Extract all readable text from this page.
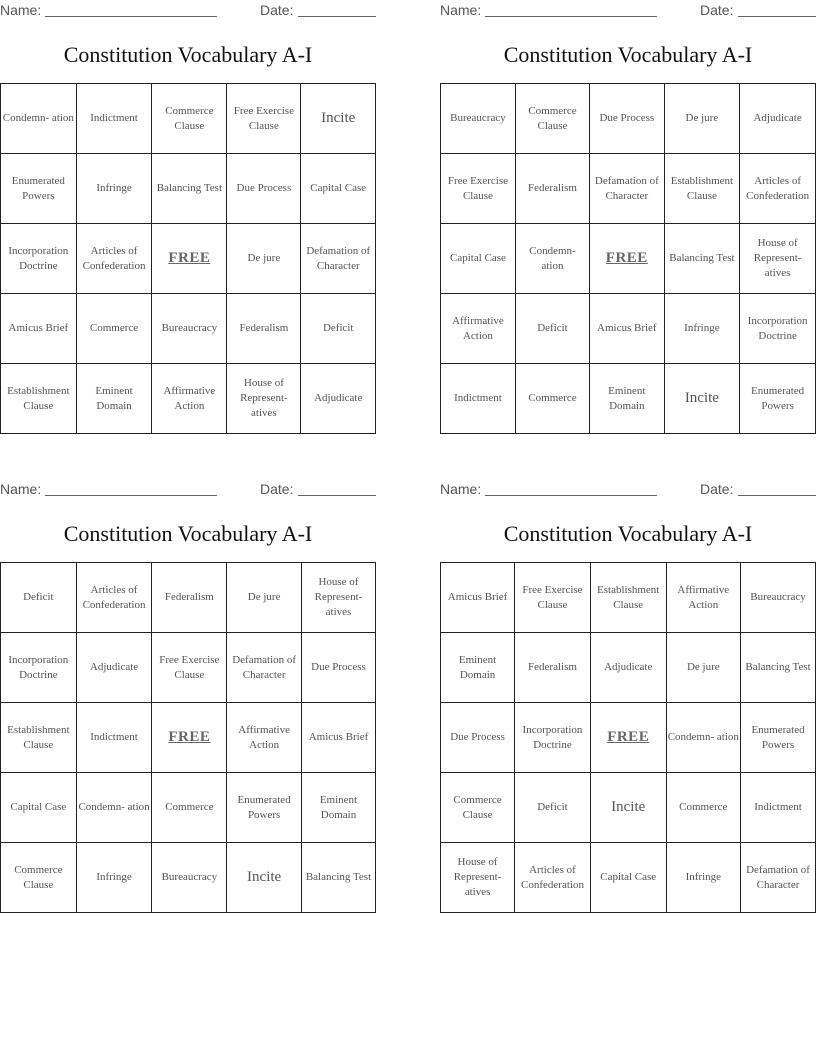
Name:	Date:
Constitution Vocabulary A-I
Condemn- ation	Indictment	Commerce Clause	Free Exercise Clause	Incite
Enumerated Powers	Infringe	Balancing Test	Due Process	Capital Case
Incorporation Doctrine	Articles of Confederation	FREE	De jure	Defamation of Character
Amicus Brief	Commerce	Bureaucracy	Federalism	Deficit
Establishment Clause	Eminent Domain	Affirmative Action	House of Represent- atives	Adjudicate
Name:	Date:
Constitution Vocabulary A-I
Bureaucracy	Commerce Clause	Due Process	De jure	Adjudicate
Free Exercise Clause	Federalism	Defamation of Character	Establishment Clause	Articles of Confederation
Capital Case	Condemn- ation	FREE	Balancing Test	House of Represent- atives
Affirmative Action	Deficit	Amicus Brief	Infringe	Incorporation Doctrine
Indictment	Commerce	Eminent Domain	Incite	Enumerated Powers
Name:	Date:
Constitution Vocabulary A-I
Deficit	Articles of Confederation	Federalism	De jure	House of Represent- atives
Incorporation Doctrine	Adjudicate	Free Exercise Clause	Defamation of Character	Due Process
Establishment Clause	Indictment	FREE	Affirmative Action	Amicus Brief
Capital Case	Condemn- ation	Commerce	Enumerated Powers	Eminent Domain
Commerce Clause	Infringe	Bureaucracy	Incite	Balancing Test
Name:	Date:
Constitution Vocabulary A-I
Amicus Brief	Free Exercise Clause	Establishment Clause	Affirmative Action	Bureaucracy
Eminent Domain	Federalism	Adjudicate	De jure	Balancing Test
Due Process	Incorporation Doctrine	FREE	Condemn- ation	Enumerated Powers
Commerce Clause	Deficit	Incite	Commerce	Indictment
House of Represent- atives	Articles of Confederation	Capital Case	Infringe	Defamation of Character
